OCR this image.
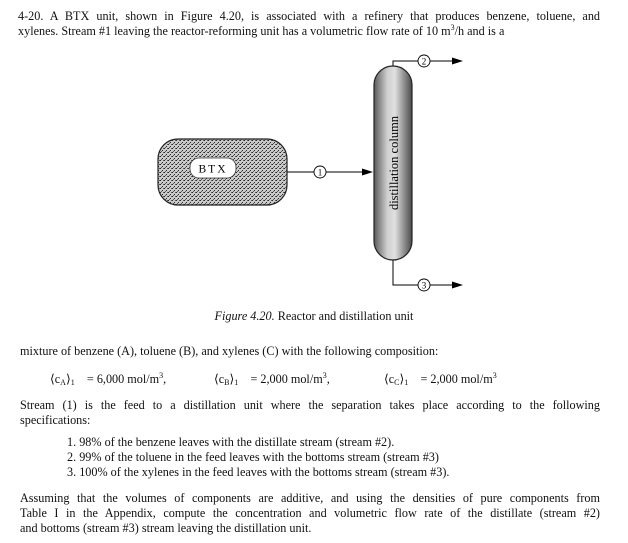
4-20. A BTX unit, shown in Figure 4.20, is associated with a refinery that produces benzene, toluene, and
xylenes. Stream #1 leaving the reactor-reforming unit has a volumetric flow rate of 10 $m^3/h$ and is a
BTX	1
2
3
distillation column
Figure 4.20. Reactor and distillation unit
mixture of benzene (A), toluene (B), and xylenes (C) with the following composition:
$⟨c_A⟩_1 = 6,000$ mol/$m^3$,	$⟨c_B⟩_1 = 2,000$ mol/$m^3$,	$⟨c_C⟩_1 = 2,000$ mol/$m^3$
Stream (1) is the feed to a distillation unit where the separation takes place according to the following
specifications:
1. 98% of the benzene leaves with the distillate stream (stream #2).
2. 99% of the toluene in the feed leaves with the bottoms stream (stream #3)
3. 100% of the xylenes in the feed leaves with the bottoms stream (stream #3).
Assuming that the volumes of components are additive, and using the densities of pure components from
Table I in the Appendix, compute the concentration and volumetric flow rate of the distillate (stream #2)
and bottoms (stream #3) stream leaving the distillation unit.
